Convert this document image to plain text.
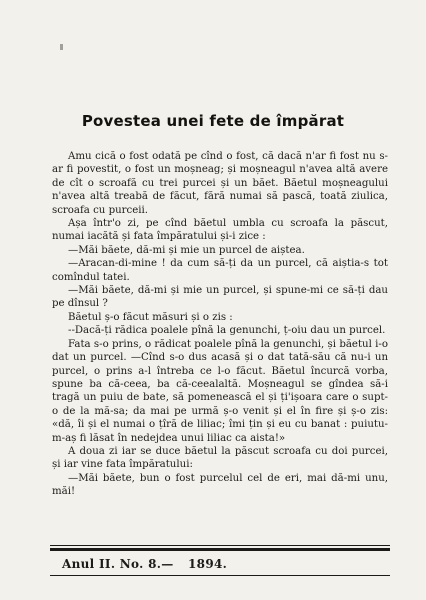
Povestea unei fete de împărat

Amu cică o fost odată pe cînd o fost, că dacă n'ar fi fost nu s-ar fi povestit, o fost un moșneag; și moșneagul n'avea altă avere de cît o scroafă cu trei purcei și un băet. Băetul moșneagului n'avea altă treabă de făcut, fără numai să pască, toată ziulica, scroafa cu purceii.

Așa într'o zi, pe cînd băetul umbla cu scroafa la păscut, numai iacătă și fata împăratului și-i zice :

—Măi băete, dă-mi și mie un purcel de aiștea.

—Aracan-di-mine ! da cum să-ți da un purcel, că aiștia-s tot comîndul tatei.

—Măi băete, dă-mi și mie un purcel, și spune-mi ce să-ți dau pe dînsul ?

Băetul ș-o făcut măsuri și o zis :

--Dacă-ți rădica poalele pînă la genunchi, ț-oiu dau un purcel.

Fata s-o prins, o rădicat poalele pînă la genunchi, și băetul i-o dat un purcel. —Cînd s-o dus acasă și o dat tată-său că nu-i un purcel, o prins a-l întreba ce l-o făcut. Băetul încurcă vorba, spune ba că-ceea, ba că-ceealaltă. Moșneagul se gîndea să-i tragă un puiu de bate, să pomenească el și ți'ișoara care o supt-o de la mă-sa; da mai pe urmă ș-o venit și el în fire și ș-o zis: «dă, îi și el numai o țîră de liliac; îmi țin și eu cu banat : puiutu-m-aș fi lăsat în nedejdea unui liliac ca aista!»

A doua zi iar se duce băetul la păscut scroafa cu doi purcei, și iar vine fata împăratului:

—Măi băete, bun o fost purcelul cel de eri, mai dă-mi unu, măi!

Anul II. No. 8.— 1894.
